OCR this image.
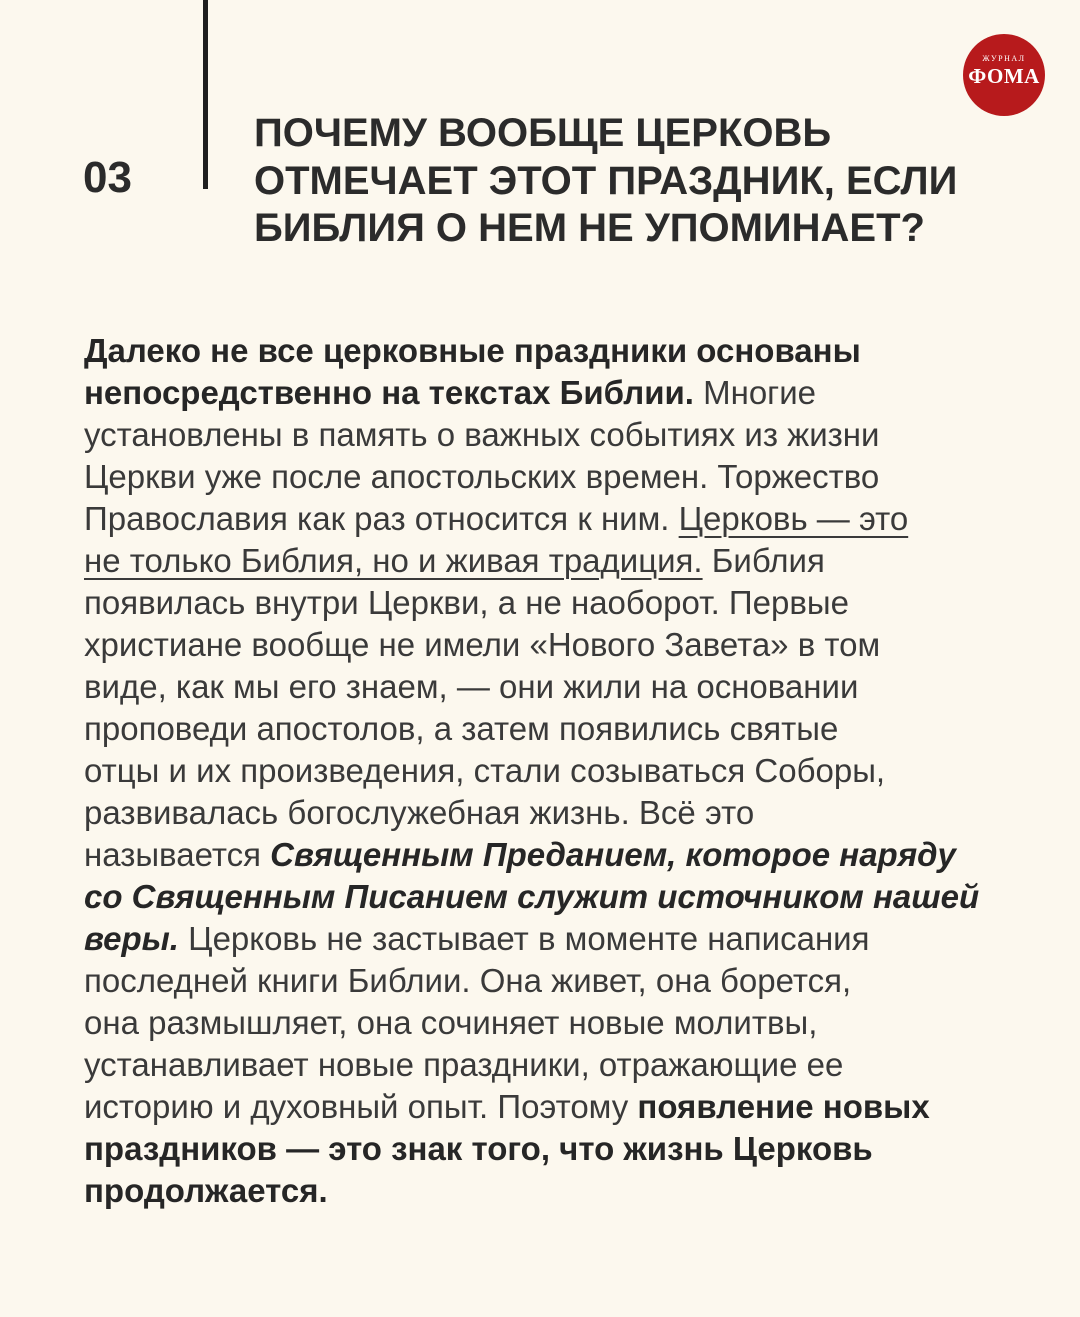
ЖУРНАЛ
ФОМА
03
ПОЧЕМУ ВООБЩЕ ЦЕРКОВЬ
ОТМЕЧАЕТ ЭТОТ ПРАЗДНИК, ЕСЛИ
БИБЛИЯ О НЕМ НЕ УПОМИНАЕТ?
Далеко не все церковные праздники основаны
непосредственно на текстах Библии. Многие
установлены в память о важных событиях из жизни
Церкви уже после апостольских времен. Торжество
Православия как раз относится к ним. Церковь — это
не только Библия, но и живая традиция. Библия
появилась внутри Церкви, а не наоборот. Первые
христиане вообще не имели «Нового Завета» в том
виде, как мы его знаем, — они жили на основании
проповеди апостолов, а затем появились святые
отцы и их произведения, стали созываться Соборы,
развивалась богослужебная жизнь. Всё это
называется Священным Преданием, которое наряду
со Священным Писанием служит источником нашей
веры. Церковь не застывает в моменте написания
последней книги Библии. Она живет, она борется,
она размышляет, она сочиняет новые молитвы,
устанавливает новые праздники, отражающие ее
историю и духовный опыт. Поэтому появление новых
праздников — это знак того, что жизнь Церковь
продолжается.
